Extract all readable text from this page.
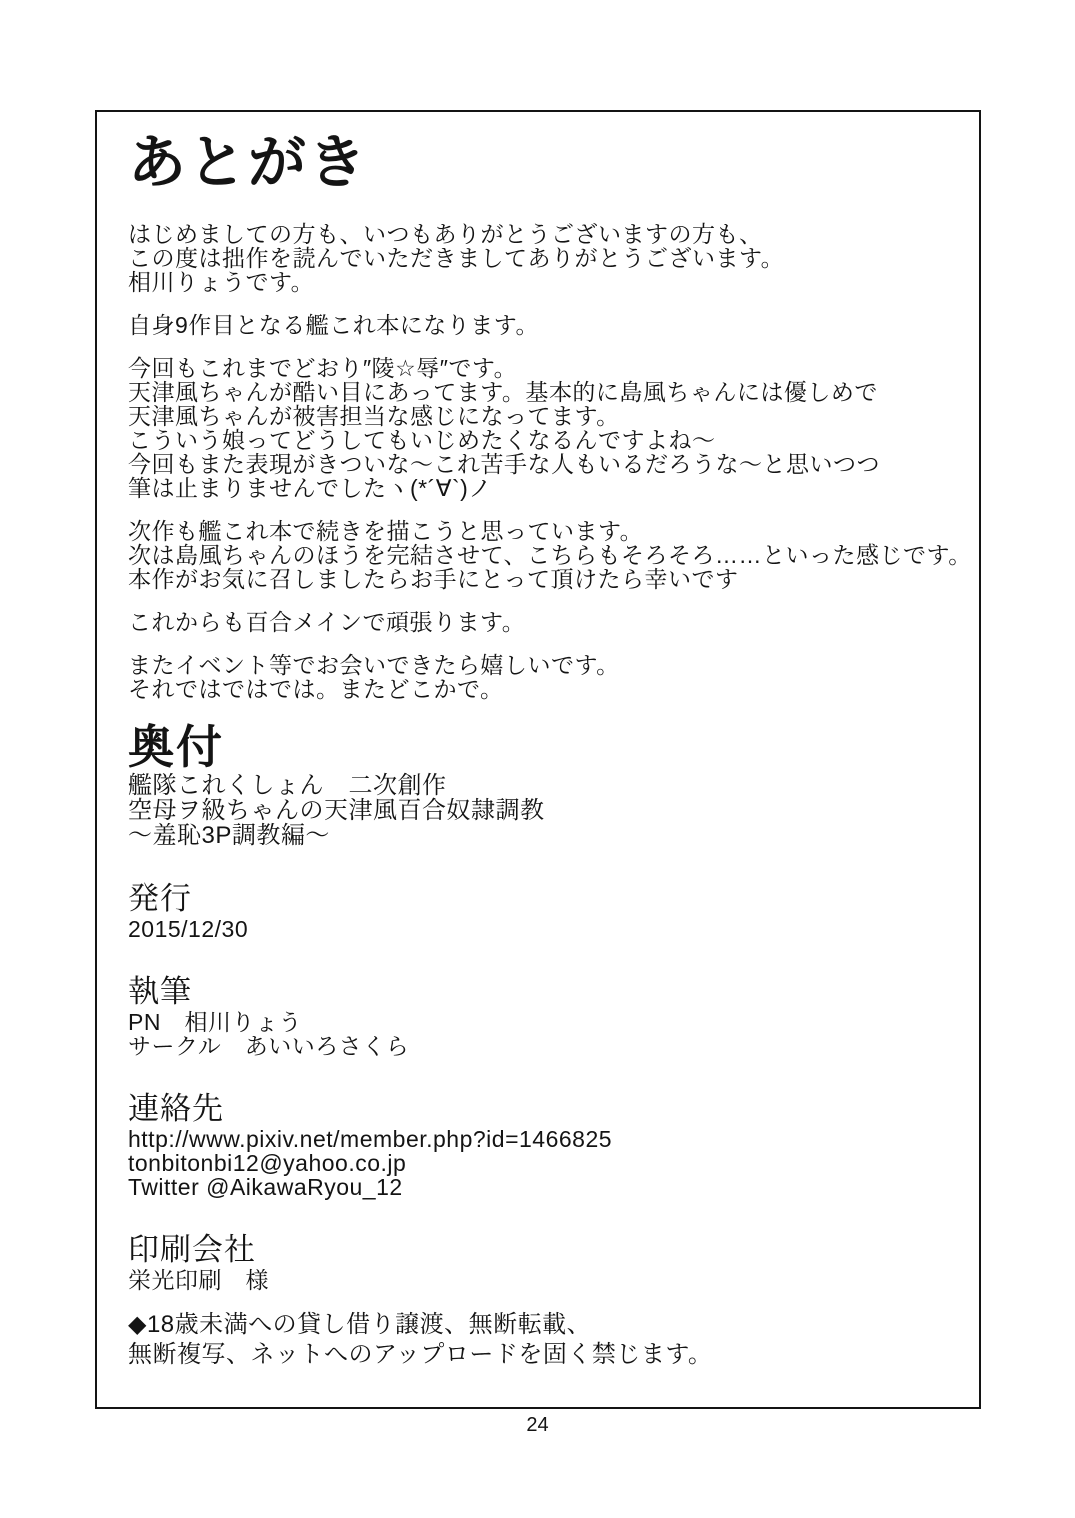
あとがき
はじめましての方も、いつもありがとうございますの方も、
この度は拙作を読んでいただきましてありがとうございます。
相川りょうです。
自身9作目となる艦これ本になります。
今回もこれまでどおり″陵☆辱″です。
天津風ちゃんが酷い目にあってます。基本的に島風ちゃんには優しめで
天津風ちゃんが被害担当な感じになってます。
こういう娘ってどうしてもいじめたくなるんですよね～
今回もまた表現がきついな～これ苦手な人もいるだろうな～と思いつつ
筆は止まりませんでしたヽ(*´∀`)ノ
次作も艦これ本で続きを描こうと思っています。
次は島風ちゃんのほうを完結させて、こちらもそろそろ……といった感じです。
本作がお気に召しましたらお手にとって頂けたら幸いです
これからも百合メインで頑張ります。
またイベント等でお会いできたら嬉しいです。
それではではでは。またどこかで。
奥付
艦隊これくしょん　二次創作
空母ヲ級ちゃんの天津風百合奴隷調教
～羞恥3P調教編～
発行
2015/12/30
執筆
PN　相川りょう
サークル　あいいろさくら
連絡先
http://www.pixiv.net/member.php?id=1466825
tonbitonbi12@yahoo.co.jp
Twitter @AikawaRyou_12
印刷会社
栄光印刷　様
◆18歳未満への貸し借り譲渡、無断転載、
無断複写、ネットへのアップロードを固く禁じます。
24
